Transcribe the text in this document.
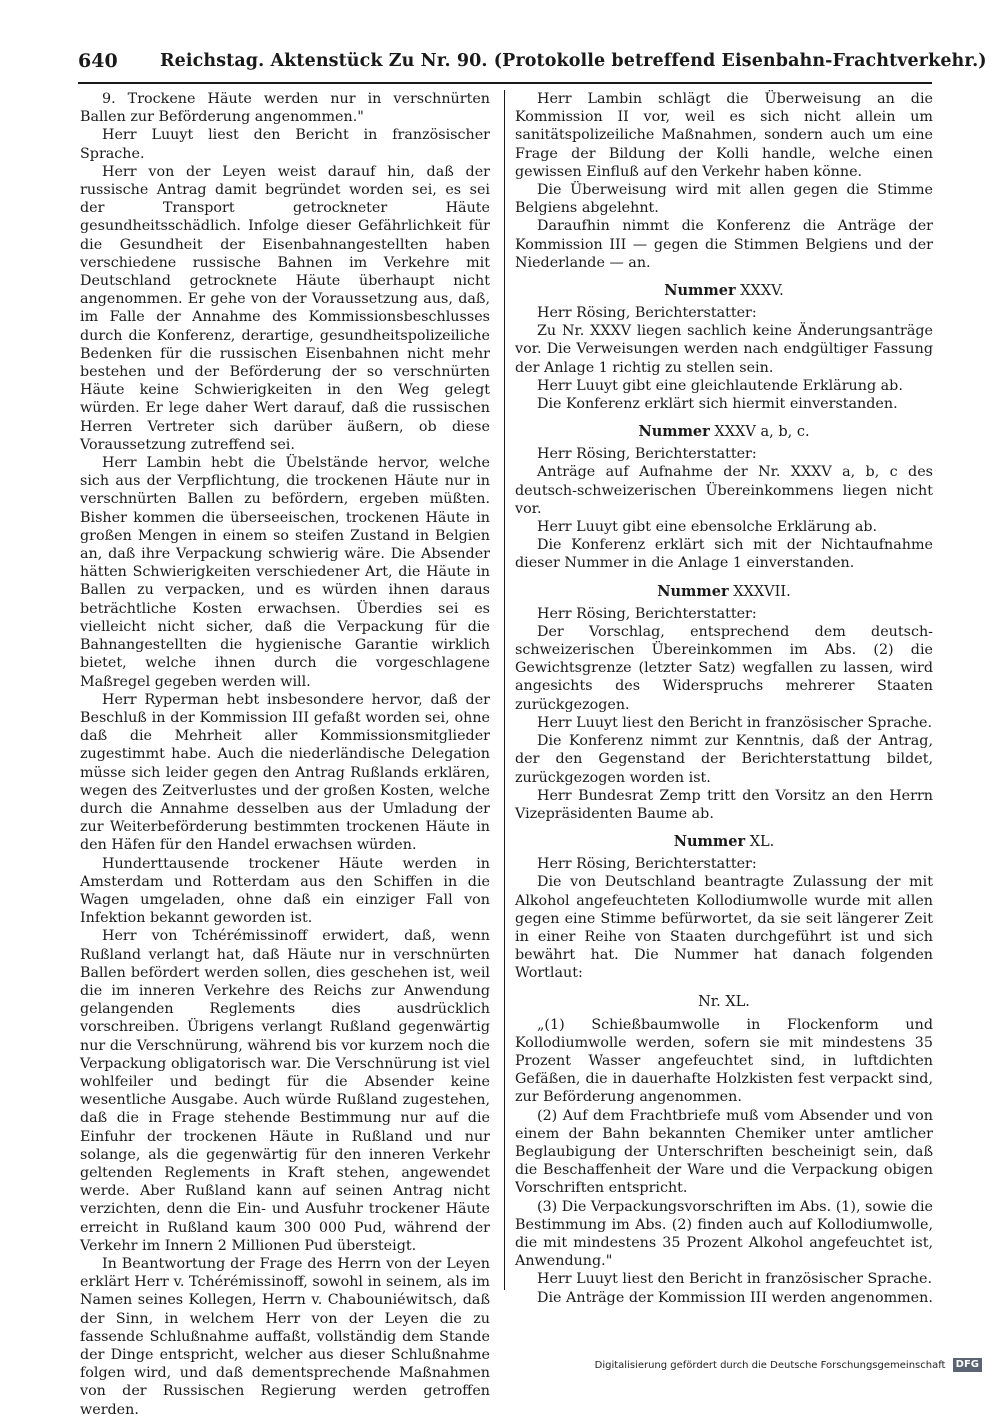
640 Reichstag. Aktenstück Zu Nr. 90. (Protokolle betreffend Eisenbahn-Frachtverkehr.)

9. Trockene Häute werden nur in verschnürten Ballen zur Beförderung angenommen."

Herr Luuyt liest den Bericht in französischer Sprache.

Herr von der Leyen weist darauf hin, daß der russische Antrag damit begründet worden sei, es sei der Transport getrockneter Häute gesundheitsschädlich. Infolge dieser Gefährlichkeit für die Gesundheit der Eisenbahnangestellten haben verschiedene russische Bahnen im Verkehre mit Deutschland getrocknete Häute überhaupt nicht angenommen. Er gehe von der Voraussetzung aus, daß, im Falle der Annahme des Kommissionsbeschlusses durch die Konferenz, derartige, gesundheitspolizeiliche Bedenken für die russischen Eisenbahnen nicht mehr bestehen und der Beförderung der so verschnürten Häute keine Schwierigkeiten in den Weg gelegt würden. Er lege daher Wert darauf, daß die russischen Herren Vertreter sich darüber äußern, ob diese Voraussetzung zutreffend sei.

Herr Lambin hebt die Übelstände hervor, welche sich aus der Verpflichtung, die trockenen Häute nur in verschnürten Ballen zu befördern, ergeben müßten. Bisher kommen die überseeischen, trockenen Häute in großen Mengen in einem so steifen Zustand in Belgien an, daß ihre Verpackung schwierig wäre. Die Absender hätten Schwierigkeiten verschiedener Art, die Häute in Ballen zu verpacken, und es würden ihnen daraus beträchtliche Kosten erwachsen. Überdies sei es vielleicht nicht sicher, daß die Verpackung für die Bahnangestellten die hygienische Garantie wirklich bietet, welche ihnen durch die vorgeschlagene Maßregel gegeben werden will.

Herr Ryperman hebt insbesondere hervor, daß der Beschluß in der Kommission III gefaßt worden sei, ohne daß die Mehrheit aller Kommissionsmitglieder zugestimmt habe. Auch die niederländische Delegation müsse sich leider gegen den Antrag Rußlands erklären, wegen des Zeitverlustes und der großen Kosten, welche durch die Annahme desselben aus der Umladung der zur Weiterbeförderung bestimmten trockenen Häute in den Häfen für den Handel erwachsen würden.

Hunderttausende trockener Häute werden in Amsterdam und Rotterdam aus den Schiffen in die Wagen umgeladen, ohne daß ein einziger Fall von Infektion bekannt geworden ist.

Herr von Tchérémissinoff erwidert, daß, wenn Rußland verlangt hat, daß Häute nur in verschnürten Ballen befördert werden sollen, dies geschehen ist, weil die im inneren Verkehre des Reichs zur Anwendung gelangenden Reglements dies ausdrücklich vorschreiben. Übrigens verlangt Rußland gegenwärtig nur die Verschnürung, während bis vor kurzem noch die Verpackung obligatorisch war. Die Verschnürung ist viel wohlfeiler und bedingt für die Absender keine wesentliche Ausgabe. Auch würde Rußland zugestehen, daß die in Frage stehende Bestimmung nur auf die Einfuhr der trockenen Häute in Rußland und nur solange, als die gegenwärtig für den inneren Verkehr geltenden Reglements in Kraft stehen, angewendet werde. Aber Rußland kann auf seinen Antrag nicht verzichten, denn die Ein- und Ausfuhr trockener Häute erreicht in Rußland kaum 300 000 Pud, während der Verkehr im Innern 2 Millionen Pud übersteigt.

In Beantwortung der Frage des Herrn von der Leyen erklärt Herr v. Tchérémissinoff, sowohl in seinem, als im Namen seines Kollegen, Herrn v. Chabouniéwitsch, daß der Sinn, in welchem Herr von der Leyen die zu fassende Schlußnahme auffaßt, vollständig dem Stande der Dinge entspricht, welcher aus dieser Schlußnahme folgen wird, und daß dementsprechende Maßnahmen von der Russischen Regierung werden getroffen werden.

Herr Lambin schlägt die Überweisung an die Kommission II vor, weil es sich nicht allein um sanitätspolizeiliche Maßnahmen, sondern auch um eine Frage der Bildung der Kolli handle, welche einen gewissen Einfluß auf den Verkehr haben könne.

Die Überweisung wird mit allen gegen die Stimme Belgiens abgelehnt.

Daraufhin nimmt die Konferenz die Anträge der Kommission III — gegen die Stimmen Belgiens und der Niederlande — an.

Nummer XXXV.

Herr Rösing, Berichterstatter:

Zu Nr. XXXV liegen sachlich keine Änderungsanträge vor. Die Verweisungen werden nach endgültiger Fassung der Anlage 1 richtig zu stellen sein.

Herr Luuyt gibt eine gleichlautende Erklärung ab.

Die Konferenz erklärt sich hiermit einverstanden.

Nummer XXXV a, b, c.

Herr Rösing, Berichterstatter:

Anträge auf Aufnahme der Nr. XXXV a, b, c des deutsch-schweizerischen Übereinkommens liegen nicht vor.

Herr Luuyt gibt eine ebensolche Erklärung ab.

Die Konferenz erklärt sich mit der Nichtaufnahme dieser Nummer in die Anlage 1 einverstanden.

Nummer XXXVII.

Herr Rösing, Berichterstatter:

Der Vorschlag, entsprechend dem deutsch-schweizerischen Übereinkommen im Abs. (2) die Gewichtsgrenze (letzter Satz) wegfallen zu lassen, wird angesichts des Widerspruchs mehrerer Staaten zurückgezogen.

Herr Luuyt liest den Bericht in französischer Sprache.

Die Konferenz nimmt zur Kenntnis, daß der Antrag, der den Gegenstand der Berichterstattung bildet, zurückgezogen worden ist.

Herr Bundesrat Zemp tritt den Vorsitz an den Herrn Vizepräsidenten Baume ab.

Nummer XL.

Herr Rösing, Berichterstatter:

Die von Deutschland beantragte Zulassung der mit Alkohol angefeuchteten Kollodiumwolle wurde mit allen gegen eine Stimme befürwortet, da sie seit längerer Zeit in einer Reihe von Staaten durchgeführt ist und sich bewährt hat. Die Nummer hat danach folgenden Wortlaut:

Nr. XL.

„(1) Schießbaumwolle in Flockenform und Kollodiumwolle werden, sofern sie mit mindestens 35 Prozent Wasser angefeuchtet sind, in luftdichten Gefäßen, die in dauerhafte Holzkisten fest verpackt sind, zur Beförderung angenommen.

(2) Auf dem Frachtbriefe muß vom Absender und von einem der Bahn bekannten Chemiker unter amtlicher Beglaubigung der Unterschriften bescheinigt sein, daß die Beschaffenheit der Ware und die Verpackung obigen Vorschriften entspricht.

(3) Die Verpackungsvorschriften im Abs. (1), sowie die Bestimmung im Abs. (2) finden auch auf Kollodiumwolle, die mit mindestens 35 Prozent Alkohol angefeuchtet ist, Anwendung."

Herr Luuyt liest den Bericht in französischer Sprache.

Die Anträge der Kommission III werden angenommen.

Digitalisierung gefördert durch die Deutsche Forschungsgemeinschaft DFG
